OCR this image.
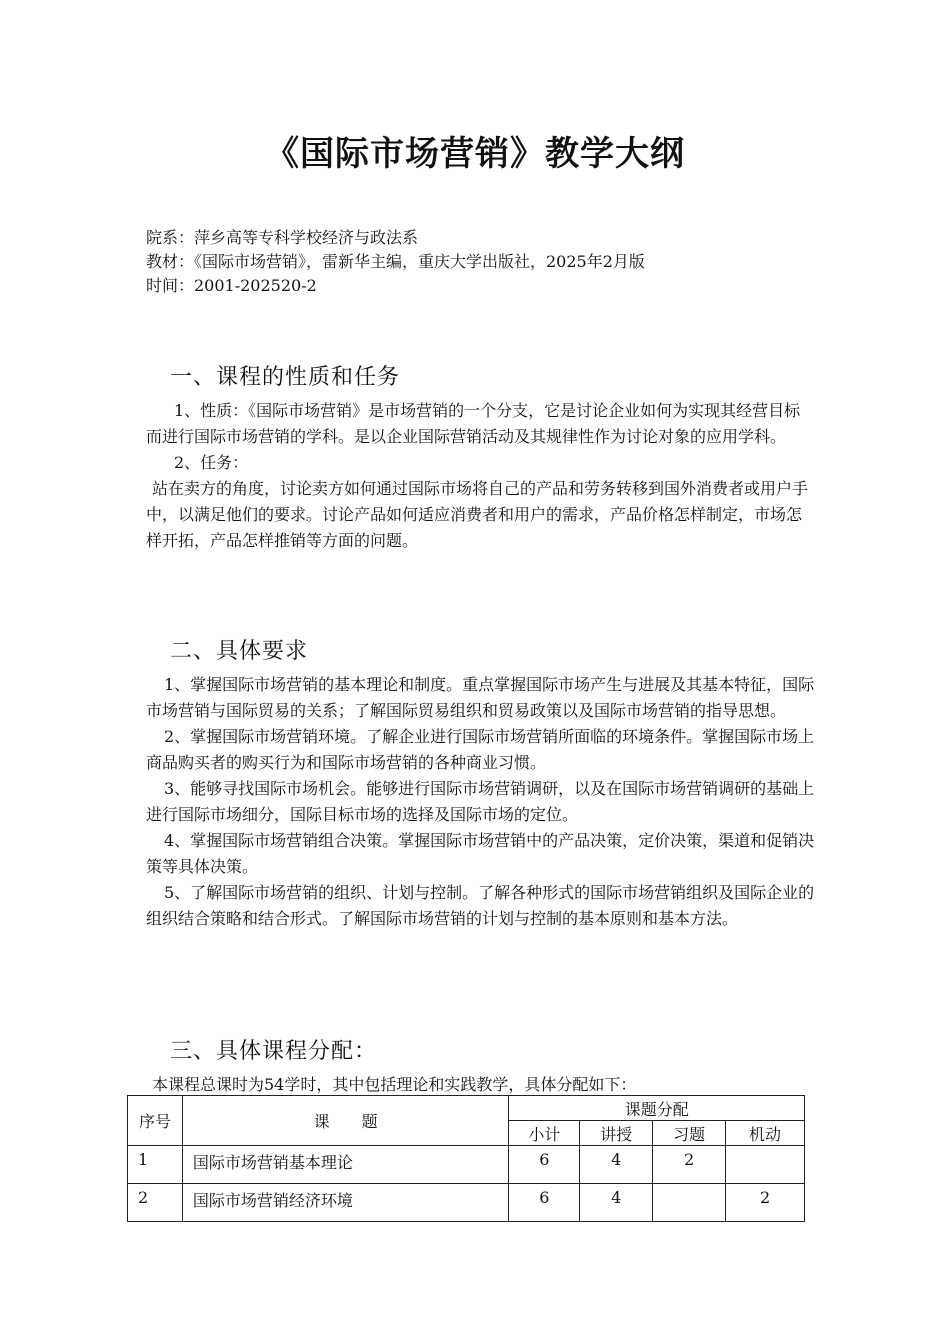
《国际市场营销》教学大纲
院系：萍乡高等专科学校经济与政法系
教材：《国际市场营销》，雷新华主编，重庆大学出版社，2025年2月版
时间：2001-202520-2
一、课程的性质和任务

1、性质：《国际市场营销》是市场营销的一个分支，它是讨论企业如何为实现其经营目标而进行国际市场营销的学科。是以企业国际营销活动及其规律性作为讨论对象的应用学科。

2、任务：

站在卖方的角度，讨论卖方如何通过国际市场将自己的产品和劳务转移到国外消费者或用户手中，以满足他们的要求。讨论产品如何适应消费者和用户的需求，产品价格怎样制定，市场怎样开拓，产品怎样推销等方面的问题。

二、具体要求

1、掌握国际市场营销的基本理论和制度。重点掌握国际市场产生与进展及其基本特征，国际市场营销与国际贸易的关系；了解国际贸易组织和贸易政策以及国际市场营销的指导思想。

2、掌握国际市场营销环境。了解企业进行国际市场营销所面临的环境条件。掌握国际市场上商品购买者的购买行为和国际市场营销的各种商业习惯。

3、能够寻找国际市场机会。能够进行国际市场营销调研，以及在国际市场营销调研的基础上进行国际市场细分，国际目标市场的选择及国际市场的定位。

4、掌握国际市场营销组合决策。掌握国际市场营销中的产品决策，定价决策，渠道和促销决策等具体决策。

5、了解国际市场营销的组织、计划与控制。了解各种形式的国际市场营销组织及国际企业的组织结合策略和结合形式。了解国际市场营销的计划与控制的基本原则和基本方法。

三、具体课程分配：
本课程总课时为54学时，其中包括理论和实践教学，具体分配如下：
序号	课　　题	课题分配			
		小计	讲授	习题	机动
1	国际市场营销基本理论	6	4	2	
2	国际市场营销经济环境	6	4		2
